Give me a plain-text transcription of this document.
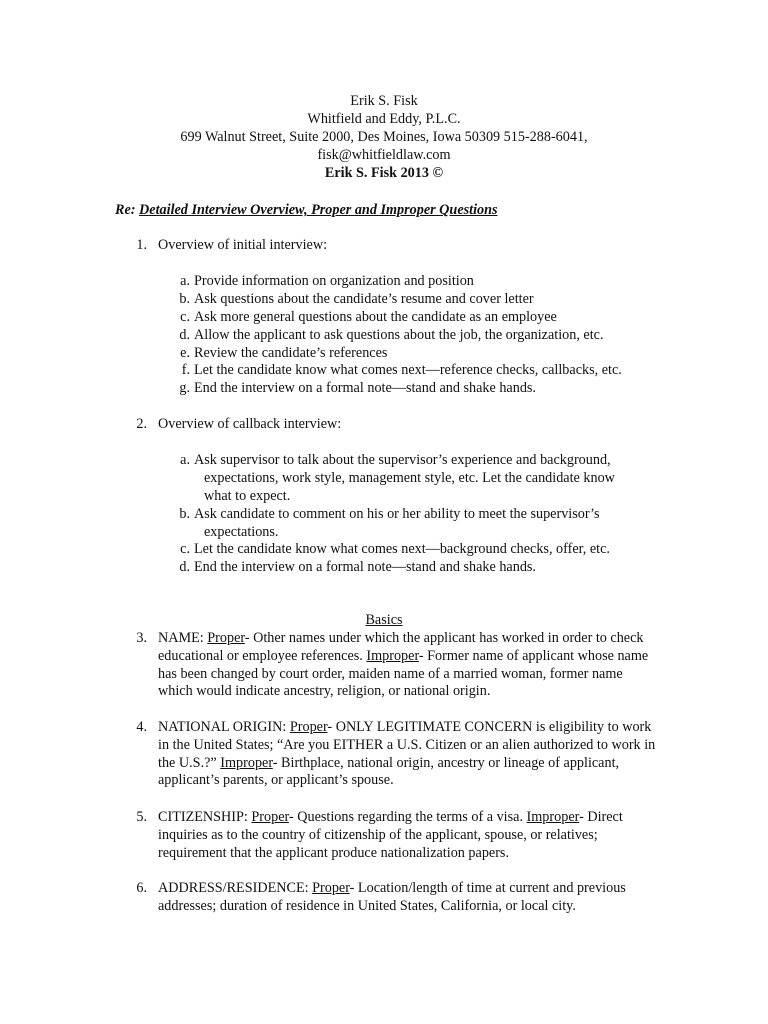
Erik S. Fisk
Whitfield and Eddy, P.L.C.
699 Walnut Street, Suite 2000, Des Moines, Iowa 50309 515-288-6041,
fisk@whitfieldlaw.com
Erik S. Fisk 2013 ©
Re: Detailed Interview Overview, Proper and Improper Questions
1. Overview of initial interview:
a. Provide information on organization and position
b. Ask questions about the candidate’s resume and cover letter
c. Ask more general questions about the candidate as an employee
d. Allow the applicant to ask questions about the job, the organization, etc.
e. Review the candidate’s references
f. Let the candidate know what comes next—reference checks, callbacks, etc.
g. End the interview on a formal note—stand and shake hands.
2. Overview of callback interview:
a. Ask supervisor to talk about the supervisor’s experience and background,
expectations, work style, management style, etc. Let the candidate know
what to expect.
b. Ask candidate to comment on his or her ability to meet the supervisor’s
expectations.
c. Let the candidate know what comes next—background checks, offer, etc.
d. End the interview on a formal note—stand and shake hands.
Basics
3. NAME: Proper- Other names under which the applicant has worked in order to check educational or employee references. Improper- Former name of applicant whose name has been changed by court order, maiden name of a married woman, former name which would indicate ancestry, religion, or national origin.
4. NATIONAL ORIGIN: Proper- ONLY LEGITIMATE CONCERN is eligibility to work in the United States; “Are you EITHER a U.S. Citizen or an alien authorized to work in the U.S.?” Improper- Birthplace, national origin, ancestry or lineage of applicant, applicant’s parents, or applicant’s spouse.
5. CITIZENSHIP: Proper- Questions regarding the terms of a visa. Improper- Direct inquiries as to the country of citizenship of the applicant, spouse, or relatives; requirement that the applicant produce nationalization papers.
6. ADDRESS/RESIDENCE: Proper- Location/length of time at current and previous addresses; duration of residence in United States, California, or local city.
